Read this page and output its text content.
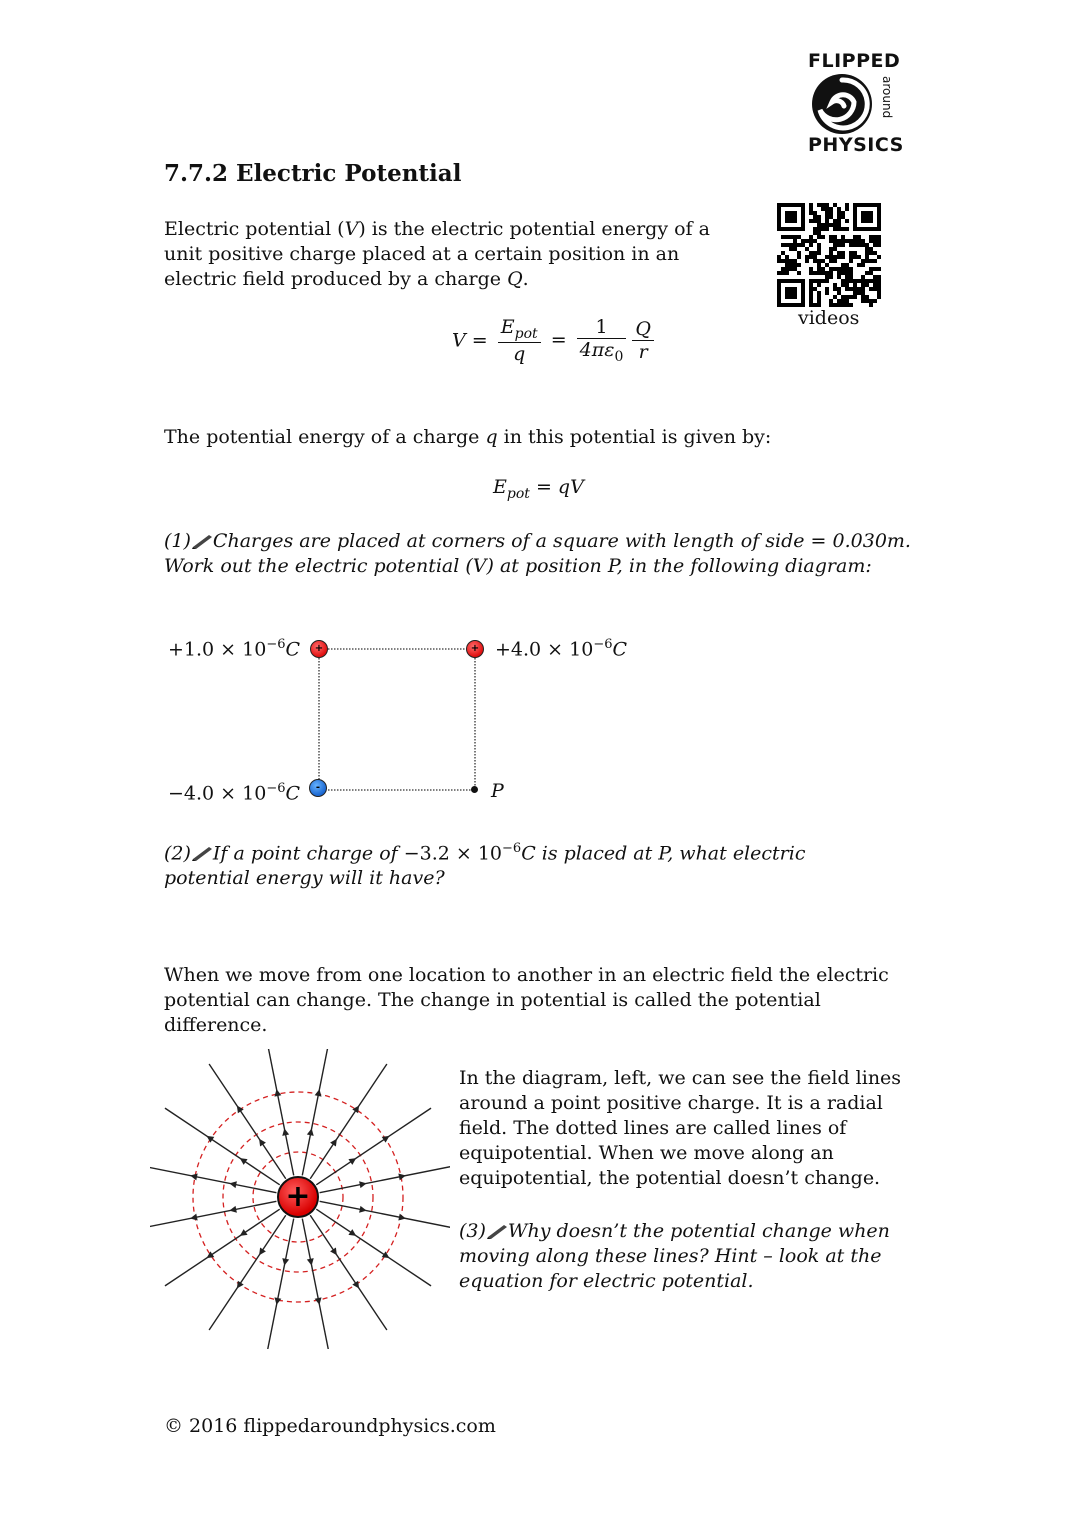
FLIPPED
around
PHYSICS
videos
7.7.2 Electric Potential

Electric potential (V) is the electric potential energy of a unit positive charge placed at a certain position in an electric field produced by a charge Q.

$V = \frac{E_{pot}}{q} = \frac{1}{4\pi\varepsilon_0}$
$\frac{Q}{r}$

The potential energy of a charge q in this potential is given by:

$E_{pot}$ = qV

(1) Charges are placed at corners of a square with length of side = 0.030m. Work out the electric potential (V) at position P, in the following diagram:

+	+
-
$+1.0 \times 10^{-6}C$	$+4.0 \times 10^{-6}C$
$-4.0 \times 10^{-6}C$	P

(2) If a point charge of $-3.2 \times 10^{-6}C$ is placed at P, what electric potential energy will it have?

When we move from one location to another in an electric field the electric potential can change. The change in potential is called the potential difference.

+

In the diagram, left, we can see the field lines around a point positive charge. It is a radial field. The dotted lines are called lines of equipotential. When we move along an equipotential, the potential doesn’t change.

(3) Why doesn’t the potential change when moving along these lines? Hint – look at the equation for electric potential.

© 2016 flippedaroundphysics.com
